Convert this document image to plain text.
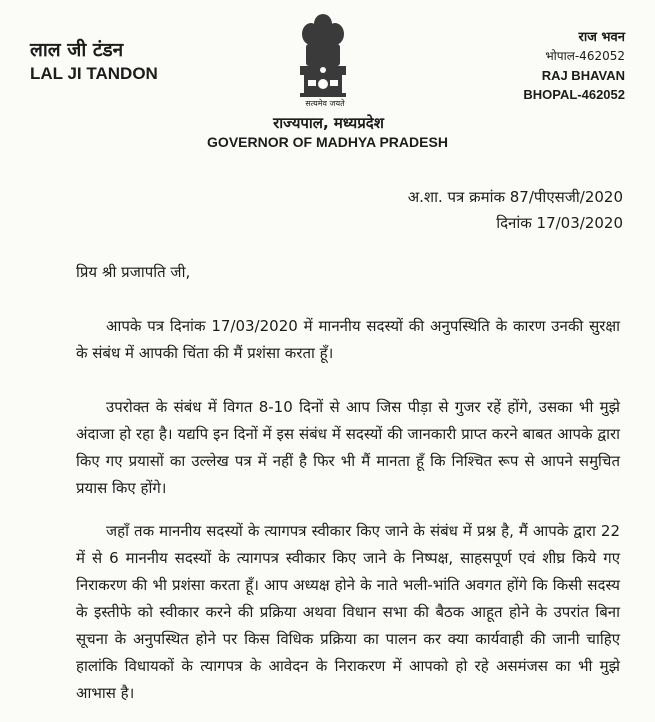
लाल जी टंडन
LAL JI TANDON
सत्यमेव जयते
राज्यपाल, मध्यप्रदेश
GOVERNOR OF MADHYA PRADESH
राज भवन
भोपाल-462052
RAJ BHAVAN
BHOPAL-462052
अ.शा. पत्र क्रमांक 87/पीएसजी/2020
दिनांक 17/03/2020
प्रिय श्री प्रजापति जी,

आपके पत्र दिनांक 17/03/2020 में माननीय सदस्यों की अनुपस्थिति के कारण उनकी सुरक्षा के संबंध में आपकी चिंता की मैं प्रशंसा करता हूँ।

उपरोक्त के संबंध में विगत 8-10 दिनों से आप जिस पीड़ा से गुजर रहें होंगे, उसका भी मुझे अंदाजा हो रहा है। यद्यपि इन दिनों में इस संबंध में सदस्यों की जानकारी प्राप्त करने बाबत आपके द्वारा किए गए प्रयासों का उल्लेख पत्र में नहीं है फिर भी मैं मानता हूँ कि निश्चित रूप से आपने समुचित प्रयास किए होंगे।

जहाँ तक माननीय सदस्यों के त्यागपत्र स्वीकार किए जाने के संबंध में प्रश्न है, मैं आपके द्वारा 22 में से 6 माननीय सदस्यों के त्यागपत्र स्वीकार किए जाने के निष्पक्ष, साहसपूर्ण एवं शीघ्र किये गए निराकरण की भी प्रशंसा करता हूँ। आप अध्यक्ष होने के नाते भली-भांति अवगत होंगे कि किसी सदस्य के इस्तीफे को स्वीकार करने की प्रक्रिया अथवा विधान सभा की बैठक आहूत होने के उपरांत बिना सूचना के अनुपस्थित होने पर किस विधिक प्रक्रिया का पालन कर क्या कार्यवाही की जानी चाहिए हालांकि विधायकों के त्यागपत्र के आवेदन के निराकरण में आपको हो रहे असमंजस का भी मुझे आभास है।
